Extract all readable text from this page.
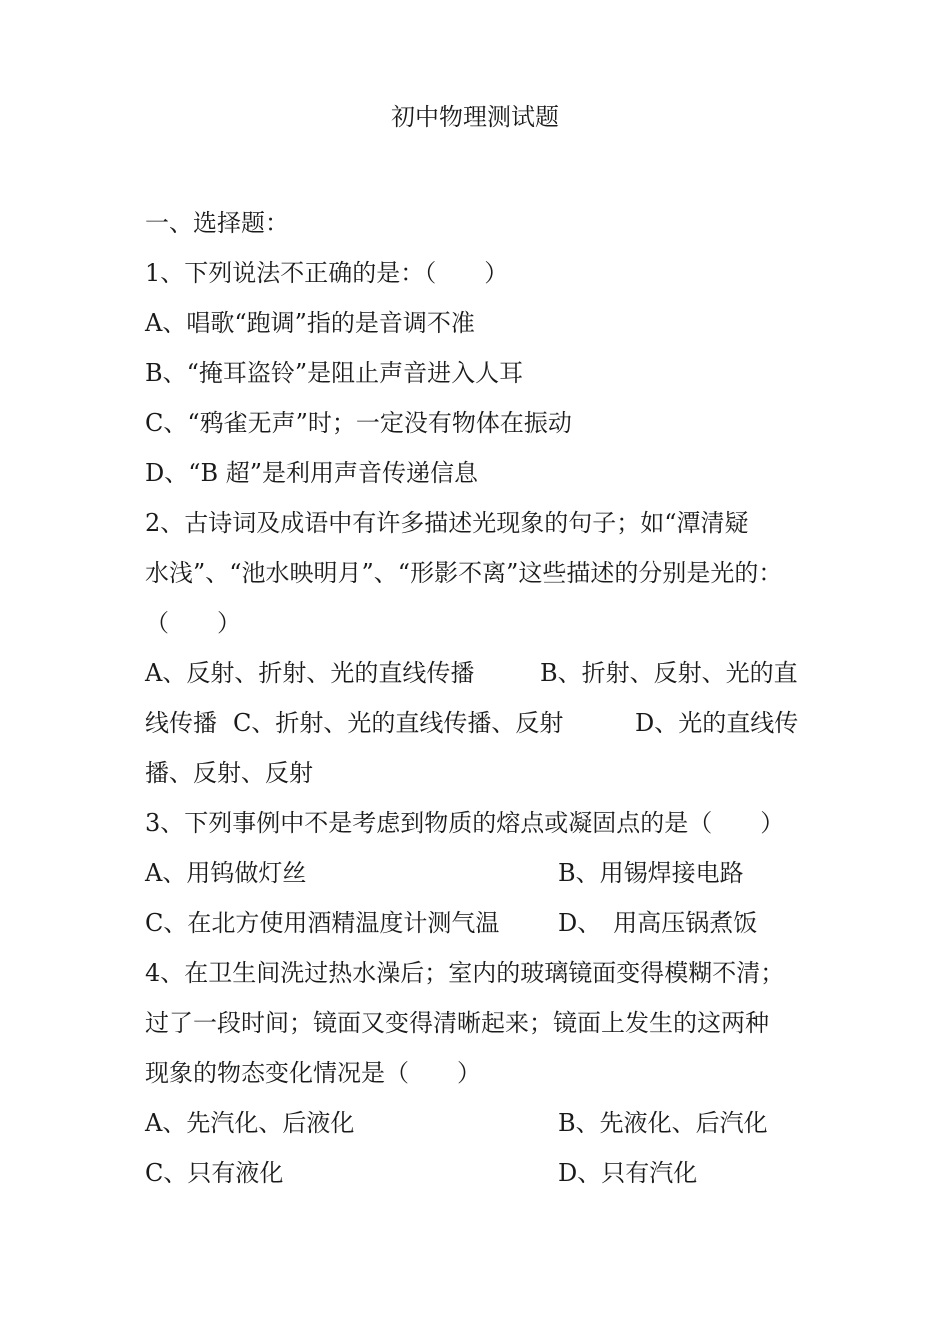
初中物理测试题
一、选择题：
1、下列说法不正确的是：（　　）
A、唱歌“跑调”指的是音调不准
B、“掩耳盗铃”是阻止声音进入人耳
C、“鸦雀无声”时；一定没有物体在振动
D、“B 超”是利用声音传递信息
2、古诗词及成语中有许多描述光现象的句子；如“潭清疑
水浅”、“池水映明月”、“形影不离”这些描述的分别是光的：
（　　）
A、反射、折射、光的直线传播	B、折射、反射、光的直
线传播 C、折射、光的直线传播、反射	D、光的直线传
播、反射、反射
3、下列事例中不是考虑到物质的熔点或凝固点的是（　　）
A、用钨做灯丝	B、用锡焊接电路
C、在北方使用酒精温度计测气温 D、　用高压锅煮饭
4、在卫生间洗过热水澡后；室内的玻璃镜面变得模糊不清；
过了一段时间；镜面又变得清晰起来；镜面上发生的这两种
现象的物态变化情况是（　　）
A、先汽化、后液化	B、先液化、后汽化
C、只有液化	D、只有汽化
